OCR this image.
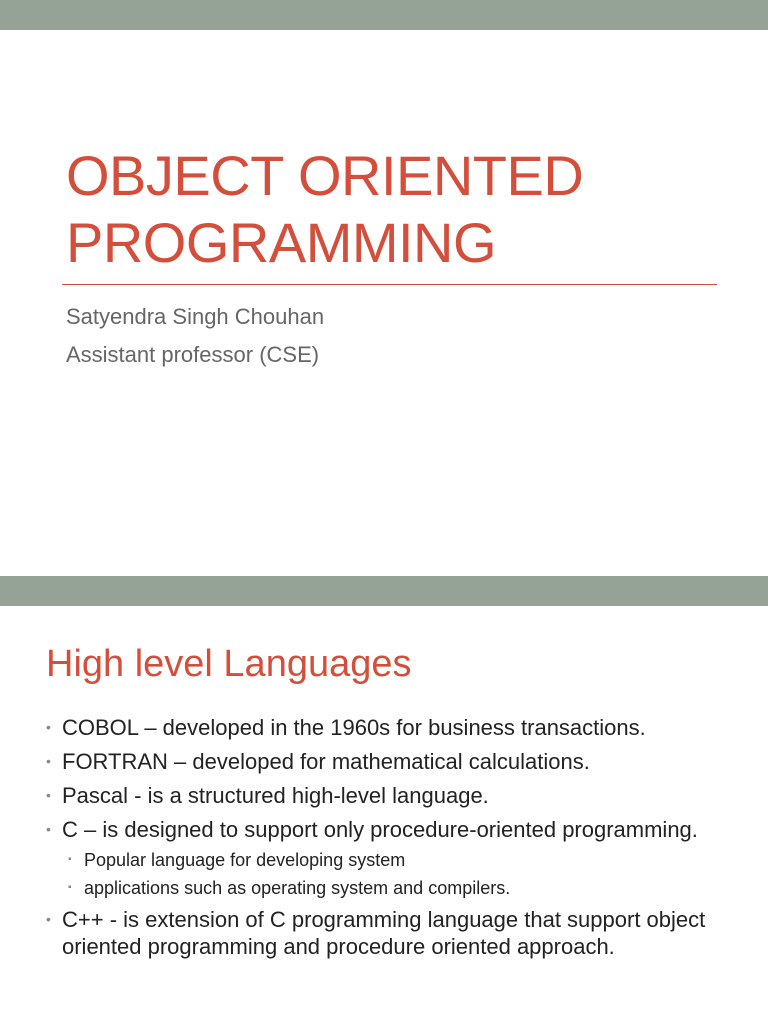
OBJECT ORIENTED
PROGRAMMING
Satyendra Singh Chouhan
Assistant professor (CSE)
High level Languages
• COBOL – developed in the 1960s for business transactions.
• FORTRAN – developed for mathematical calculations.
• Pascal - is a structured high-level language.
• C – is designed to support only procedure-oriented programming.
▪ Popular language for developing system
▪ applications such as operating system and compilers.
• C++ - is extension of C programming language that support object oriented programming and procedure oriented approach.
